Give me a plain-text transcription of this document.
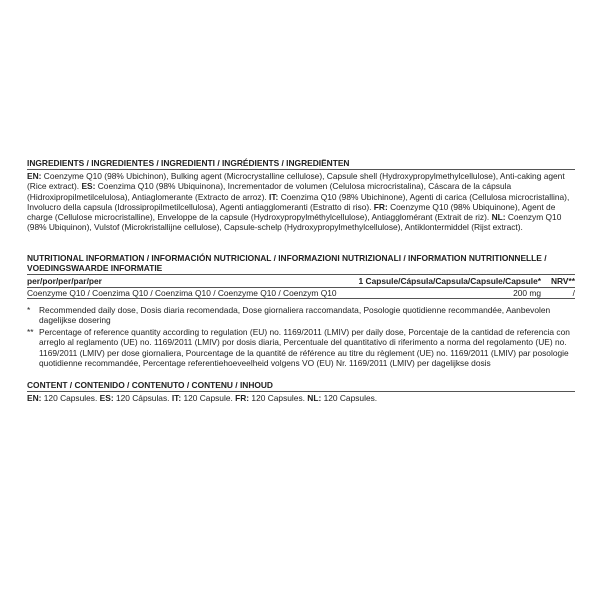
INGREDIENTS / INGREDIENTES / INGREDIENTI / INGRÉDIENTS / INGREDIËNTEN
EN: Coenzyme Q10 (98% Ubichinon), Bulking agent (Microcrystalline cellulose), Capsule shell (Hydroxypropylmethylcellulose), Anti-caking agent (Rice extract). ES: Coenzima Q10 (98% Ubiquinona), Incrementador de volumen (Celulosa microcristalina), Cáscara de la cápsula (Hidroxipropilmetilcelulosa), Antiaglomerante (Extracto de arroz). IT: Coenzima Q10 (98% Ubichinone), Agenti di carica (Cellulosa microcristallina), Involucro della capsula (Idrossipropilmetilcellulosa), Agenti antiagglomeranti (Estratto di riso). FR: Coenzyme Q10 (98% Ubiquinone), Agent de charge (Cellulose microcristalline), Enveloppe de la capsule (Hydroxypropylméthylcellulose), Antiagglomérant (Extrait de riz). NL: Coenzym Q10 (98% Ubiquinon), Vulstof (Microkristallijne cellulose), Capsule-schelp (Hydroxypropylmethylcellulose), Antiklontermiddel (Rijst extract).
NUTRITIONAL INFORMATION / INFORMACIÓN NUTRICIONAL / INFORMAZIONI NUTRIZIONALI / INFORMATION NUTRITIONNELLE / VOEDINGSWAARDE INFORMATIE
per/por/per/par/per	1 Capsule/Cápsula/Capsula/Capsule/Capsule*	NRV**
Coenzyme Q10 / Coenzima Q10 / Coenzima Q10 / Coenzyme Q10 / Coenzym Q10	200 mg	/

*	Recommended daily dose, Dosis diaria recomendada, Dose giornaliera raccomandata, Posologie quotidienne recommandée, Aanbevolen dagelijkse dosering
** Percentage of reference quantity according to regulation (EU) no. 1169/2011 (LMIV) per daily dose, Porcentaje de la cantidad de referencia con arreglo al reglamento (UE) no. 1169/2011 (LMIV) por dosis diaria, Percentuale del quantitativo di riferimento a norma del regolamento (UE) no. 1169/2011 (LMIV) per dose giornaliera, Pourcentage de la quantité de référence au titre du règlement (UE) no. 1169/2011 (LMIV) par posologie quotidienne recommandée, Percentage referentiehoeveelheid volgens VO (EU) Nr. 1169/2011 (LMIV) per dagelijkse dosis
CONTENT / CONTENIDO / CONTENUTO / CONTENU / INHOUD
EN: 120 Capsules. ES: 120 Cápsulas. IT: 120 Capsule. FR: 120 Capsules. NL: 120 Capsules.
